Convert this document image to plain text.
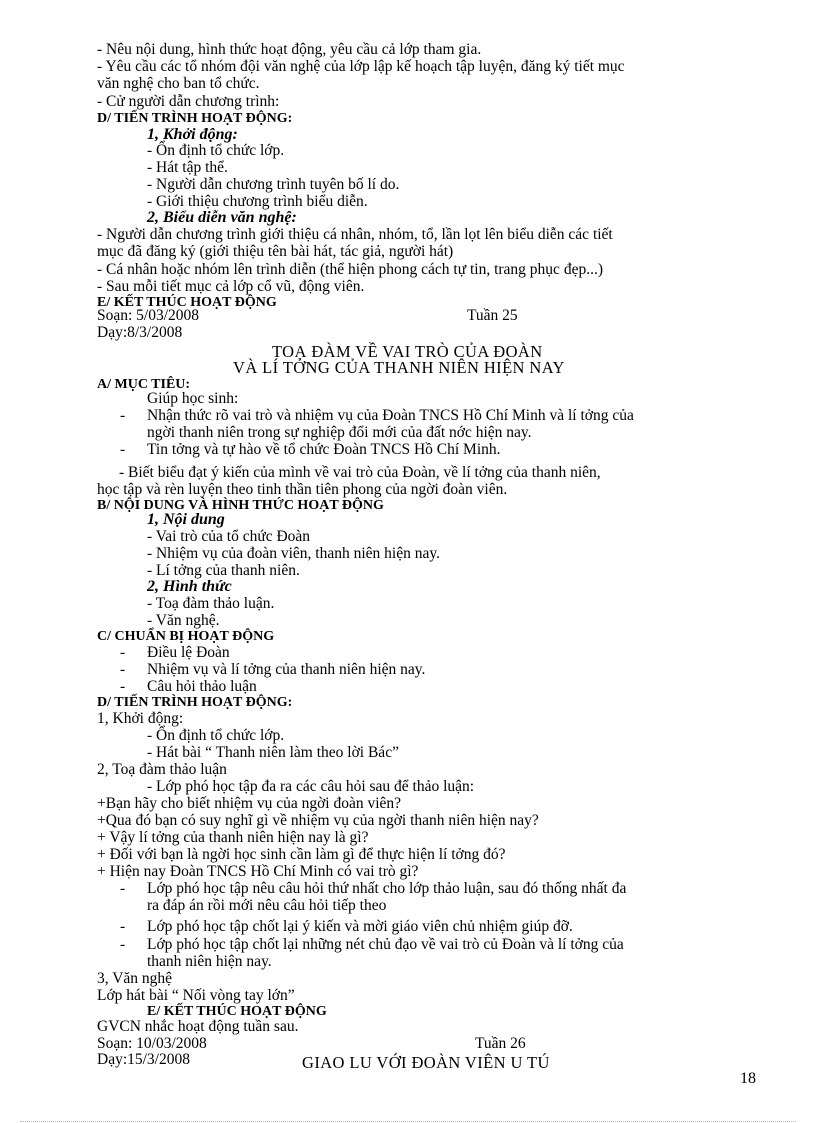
- Nêu nội dung, hình thức hoạt động, yêu cầu cả lớp tham gia.
- Yêu cầu các tổ nhóm đội văn nghệ của lớp lập kế hoạch tập luyện, đăng ký tiết mục
văn nghệ cho ban tổ chức.
- Cử người dẫn chương trình:
D/ TIẾN TRÌNH HOẠT ĐỘNG:
1, Khởi động:
- Ổn định tổ chức lớp.
- Hát tập thể.
- Người dẫn chương trình tuyên bố lí do.
- Giới thiệu chương trình biểu diễn.
2, Biểu diễn văn nghệ:
- Người dẫn chương trình giới thiệu cá nhân, nhóm, tổ, lần lọt lên biểu diễn các tiết
mục đã đăng ký (giới thiệu tên bài hát, tác giả, người hát)
- Cá nhân hoặc nhóm lên trình diễn (thể hiện phong cách tự tin, trang phục đẹp...)
- Sau mỗi tiết mục cả lớp cổ vũ, động viên.
E/ KẾT THÚC HOẠT ĐỘNG
Soạn: 5/03/2008	Tuần 25
Dạy:8/3/2008
TOẠ ĐÀM VỀ VAI TRÒ CỦA ĐOÀN
VÀ LÍ TỞNG CỦA THANH NIÊN HIỆN NAY
A/ MỤC TIÊU:
Giúp học sinh:
- Nhận thức rõ vai trò và nhiệm vụ của Đoàn TNCS Hồ Chí Minh và lí tởng của
ngời thanh niên trong sự nghiệp đổi mới của đất nớc hiện nay.
- Tin tởng và tự hào về tổ chức Đoàn TNCS Hồ Chí Minh.
- Biết biểu đạt ý kiến của mình về vai trò của Đoàn, về lí tởng của thanh niên,
học tập và rèn luyện theo tinh thần tiên phong của ngời đoàn viên.
B/ NỘI DUNG VÀ HÌNH THỨC HOẠT ĐỘNG
1, Nội dung
- Vai trò của tổ chức Đoàn
- Nhiệm vụ của đoàn viên, thanh niên hiện nay.
- Lí tởng của thanh niên.
2, Hình thức
- Toạ đàm thảo luận.
- Văn nghệ.
C/ CHUẨN BỊ HOẠT ĐỘNG
- Điều lệ Đoàn
- Nhiệm vụ và lí tởng của thanh niên hiện nay.
- Câu hỏi thảo luận
D/ TIẾN TRÌNH HOẠT ĐỘNG:
1, Khởi động:
- Ổn định tổ chức lớp.
- Hát bài “ Thanh niên làm theo lời Bác”
2, Toạ đàm thảo luận
- Lớp phó học tập đa ra các câu hỏi sau để thảo luận:
+Bạn hãy cho biết nhiệm vụ của ngời đoàn viên?
+Qua đó bạn có suy nghĩ gì về nhiệm vụ của ngời thanh niên hiện nay?
+ Vậy lí tởng của thanh niên hiện nay là gì?
+ Đối với bạn là ngời học sinh cần làm gì để thực hiện lí tởng đó?
+ Hiện nay Đoàn TNCS Hồ Chí Minh có vai trò gì?
- Lớp phó học tập nêu câu hỏi thứ nhất cho lớp thảo luận, sau đó thống nhất đa
ra đáp án rồi mới nêu câu hỏi tiếp theo
- Lớp phó học tập chốt lại ý kiến và mời giáo viên chủ nhiệm giúp đỡ.
- Lớp phó học tập chốt lại những nét chủ đạo về vai trò củ Đoàn và lí tởng của
thanh niên hiện nay.
3, Văn nghệ
Lớp hát bài “ Nối vòng tay lớn”
E/ KẾT THÚC HOẠT ĐỘNG
GVCN nhắc hoạt động tuần sau.
Soạn: 10/03/2008	Tuần 26
Dạy:15/3/2008	GIAO LU VỚI ĐOÀN VIÊN U TÚ
18
